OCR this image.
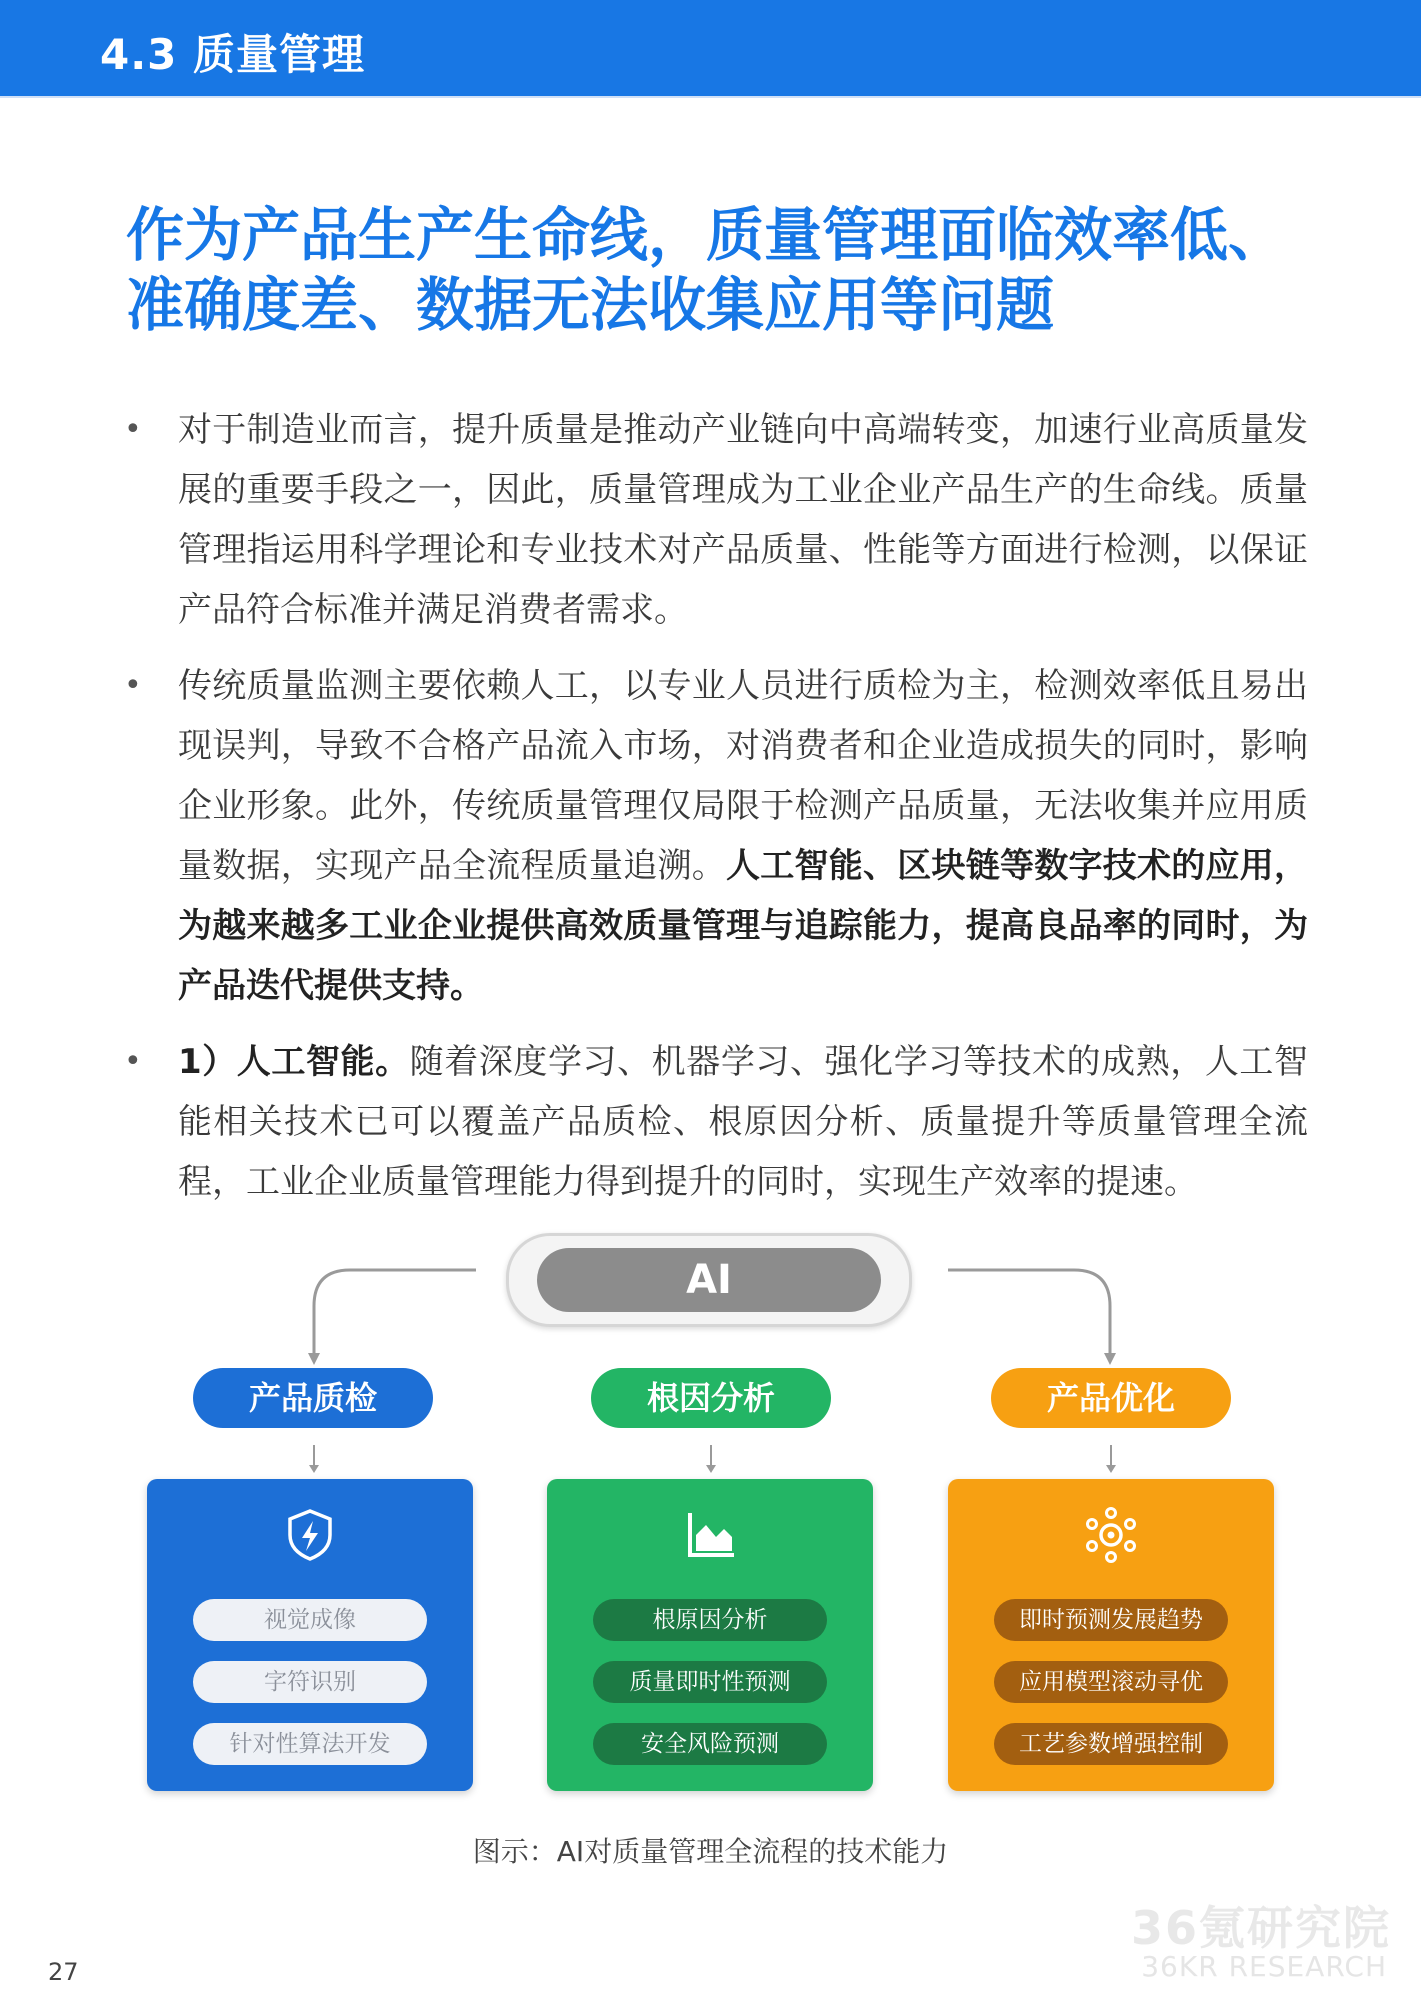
4.3 质量管理
作为产品生产生命线，质量管理面临效率低、
准确度差、数据无法收集应用等问题
• 对于制造业而言，提升质量是推动产业链向中高端转变，加速行业高质量发展的重要手段之一，因此，质量管理成为工业企业产品生产的生命线。质量管理指运用科学理论和专业技术对产品质量、性能等方面进行检测，以保证产品符合标准并满足消费者需求。

• 传统质量监测主要依赖人工，以专业人员进行质检为主，检测效率低且易出现误判，导致不合格产品流入市场，对消费者和企业造成损失的同时，影响企业形象。此外，传统质量管理仅局限于检测产品质量，无法收集并应用质量数据，实现产品全流程质量追溯。人工智能、区块链等数字技术的应用，为越来越多工业企业提供高效质量管理与追踪能力，提高良品率的同时，为产品迭代提供支持。

• 1）人工智能。随着深度学习、机器学习、强化学习等技术的成熟，人工智能相关技术已可以覆盖产品质检、根原因分析、质量提升等质量管理全流程，工业企业质量管理能力得到提升的同时，实现生产效率的提速。

AI
产品质检	根因分析	产品优化
视觉成像
字符识别
针对性算法开发
根原因分析
质量即时性预测
安全风险预测
即时预测发展趋势
应用模型滚动寻优
工艺参数增强控制
图示：AI对质量管理全流程的技术能力
27
36氪研究院
36KR RESEARCH
